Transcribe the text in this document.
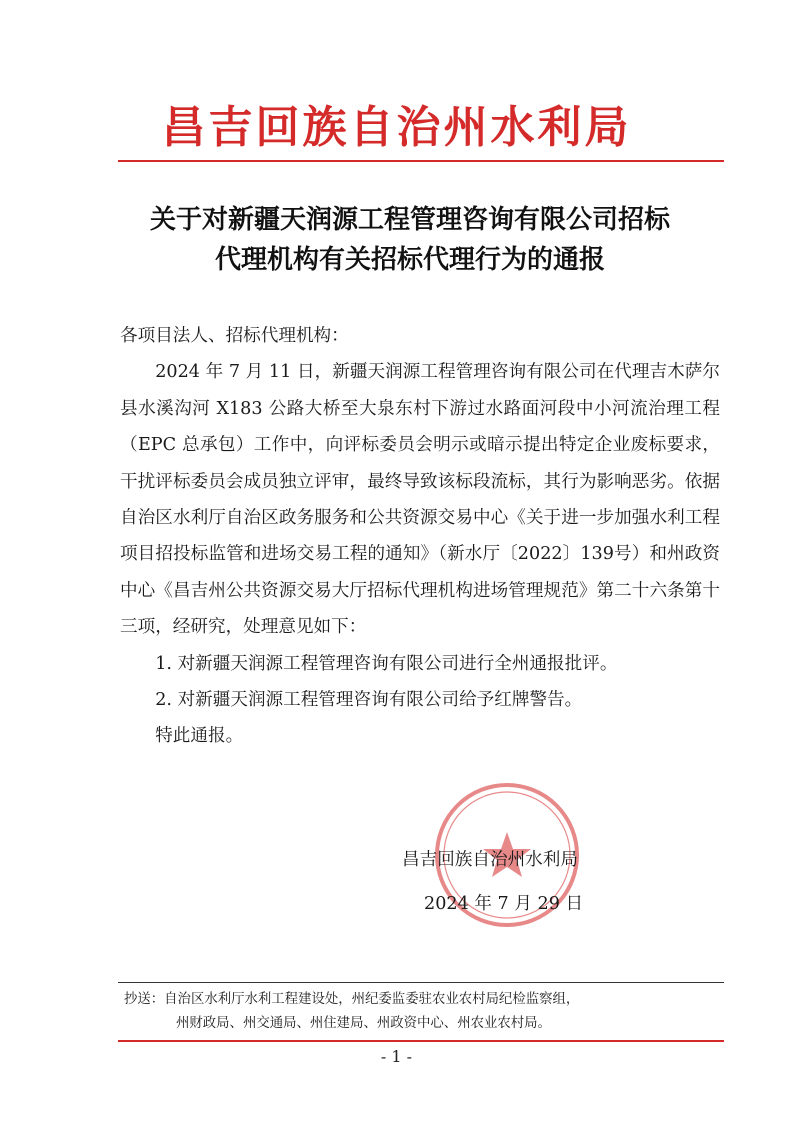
昌吉回族自治州水利局
关于对新疆天润源工程管理咨询有限公司招标
代理机构有关招标代理行为的通报

各项目法人、招标代理机构：

2024 年 7 月 11 日，新疆天润源工程管理咨询有限公司在代理吉木萨尔县水溪沟河 X183 公路大桥至大泉东村下游过水路面河段中小河流治理工程（EPC 总承包）工作中，向评标委员会明示或暗示提出特定企业废标要求，干扰评标委员会成员独立评审，最终导致该标段流标，其行为影响恶劣。依据自治区水利厅自治区政务服务和公共资源交易中心《关于进一步加强水利工程项目招投标监管和进场交易工程的通知》（新水厅〔2022〕139号）和州政资中心《昌吉州公共资源交易大厅招标代理机构进场管理规范》第二十六条第十三项，经研究，处理意见如下：

1. 对新疆天润源工程管理咨询有限公司进行全州通报批评。

2. 对新疆天润源工程管理咨询有限公司给予红牌警告。

特此通报。

昌吉回族自治州水利局
2024 年 7 月 29 日
抄送：自治区水利厅水利工程建设处，州纪委监委驻农业农村局纪检监察组，
州财政局、州交通局、州住建局、州政资中心、州农业农村局。
- 1 -
